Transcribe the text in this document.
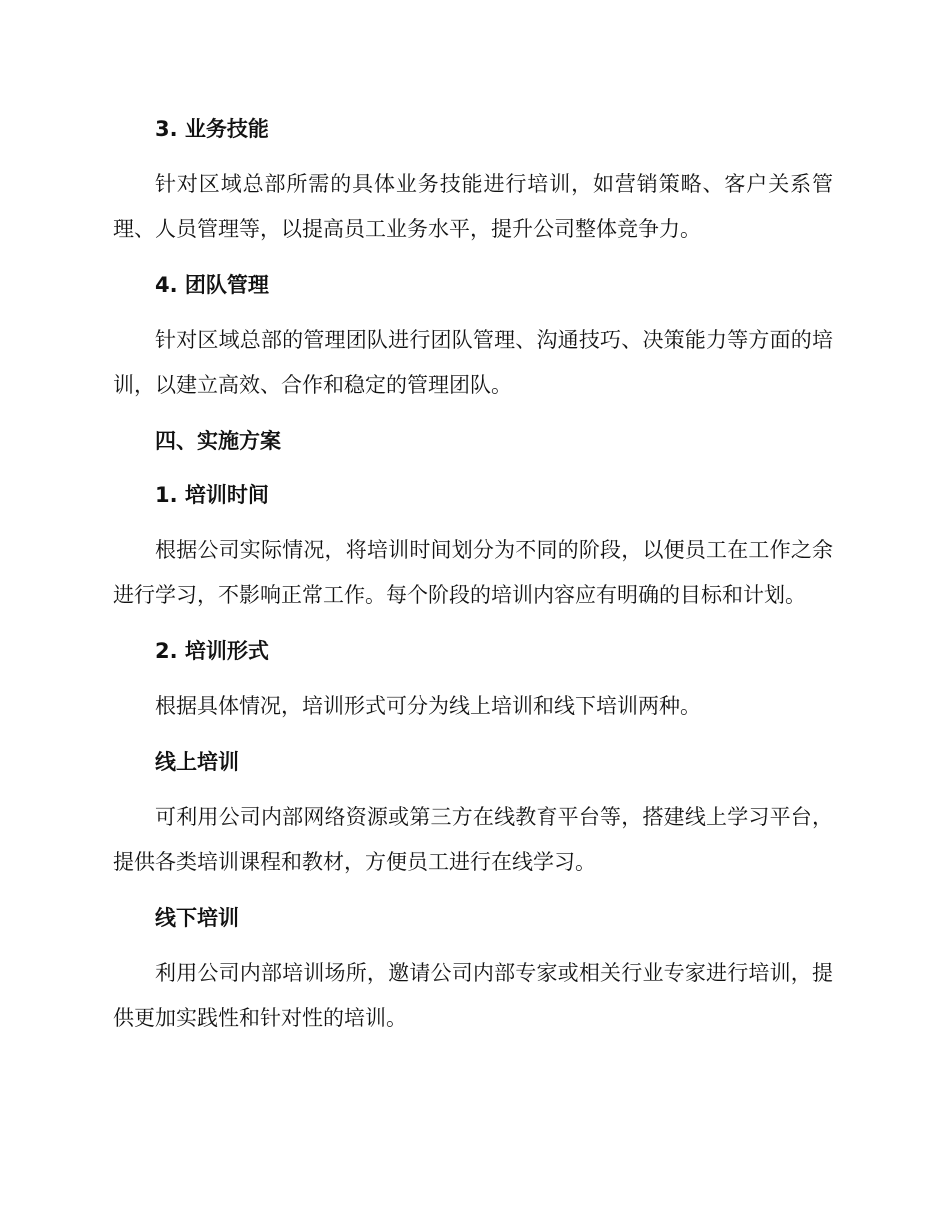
3. 业务技能
针对区域总部所需的具体业务技能进行培训，如营销策略、客户关系管理、人员管理等，以提高员工业务水平，提升公司整体竞争力。
4. 团队管理
针对区域总部的管理团队进行团队管理、沟通技巧、决策能力等方面的培训，以建立高效、合作和稳定的管理团队。
四、实施方案
1. 培训时间
根据公司实际情况，将培训时间划分为不同的阶段，以便员工在工作之余进行学习，不影响正常工作。每个阶段的培训内容应有明确的目标和计划。
2. 培训形式
根据具体情况，培训形式可分为线上培训和线下培训两种。
线上培训
可利用公司内部网络资源或第三方在线教育平台等，搭建线上学习平台，提供各类培训课程和教材，方便员工进行在线学习。
线下培训
利用公司内部培训场所，邀请公司内部专家或相关行业专家进行培训，提供更加实践性和针对性的培训。
